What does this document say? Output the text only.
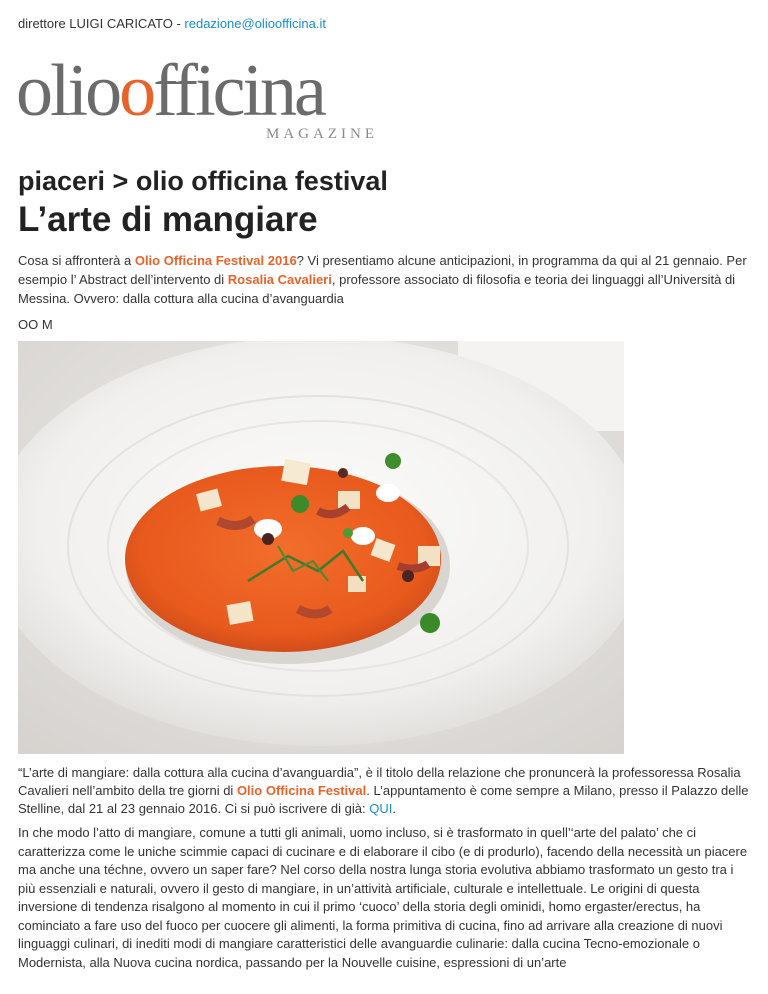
direttore LUIGI CARICATO - redazione@olioofficina.it
olioofficina
MAGAZINE
piaceri > olio officina festival
L’arte di mangiare
Cosa si affronterà a Olio Officina Festival 2016? Vi presentiamo alcune anticipazioni, in programma da qui al 21 gennaio. Per esempio l’ Abstract dell’intervento di Rosalia Cavalieri, professore associato di filosofia e teoria dei linguaggi all’Università di Messina. Ovvero: dalla cottura alla cucina d’avanguardia
OO M
“L’arte di mangiare: dalla cottura alla cucina d’avanguardia”, è il titolo della relazione che pronuncerà la professoressa Rosalia Cavalieri nell’ambito della tre giorni di Olio Officina Festival. L’appuntamento è come sempre a Milano, presso il Palazzo delle Stelline, dal 21 al 23 gennaio 2016. Ci si può iscrivere di già: QUI.
In che modo l’atto di mangiare, comune a tutti gli animali, uomo incluso, si è trasformato in quell’‘arte del palato’ che ci caratterizza come le uniche scimmie capaci di cucinare e di elaborare il cibo (e di produrlo), facendo della necessità un piacere ma anche una téchne, ovvero un saper fare? Nel corso della nostra lunga storia evolutiva abbiamo trasformato un gesto tra i più essenziali e naturali, ovvero il gesto di mangiare, in un’attività artificiale, culturale e intellettuale. Le origini di questa inversione di tendenza risalgono al momento in cui il primo ‘cuoco’ della storia degli ominidi, homo ergaster/erectus, ha cominciato a fare uso del fuoco per cuocere gli alimenti, la forma primitiva di cucina, fino ad arrivare alla creazione di nuovi linguaggi culinari, di inediti modi di mangiare caratteristici delle avanguardie culinarie: dalla cucina Tecno-emozionale o Modernista, alla Nuova cucina nordica, passando per la Nouvelle cuisine, espressioni di un’arte
